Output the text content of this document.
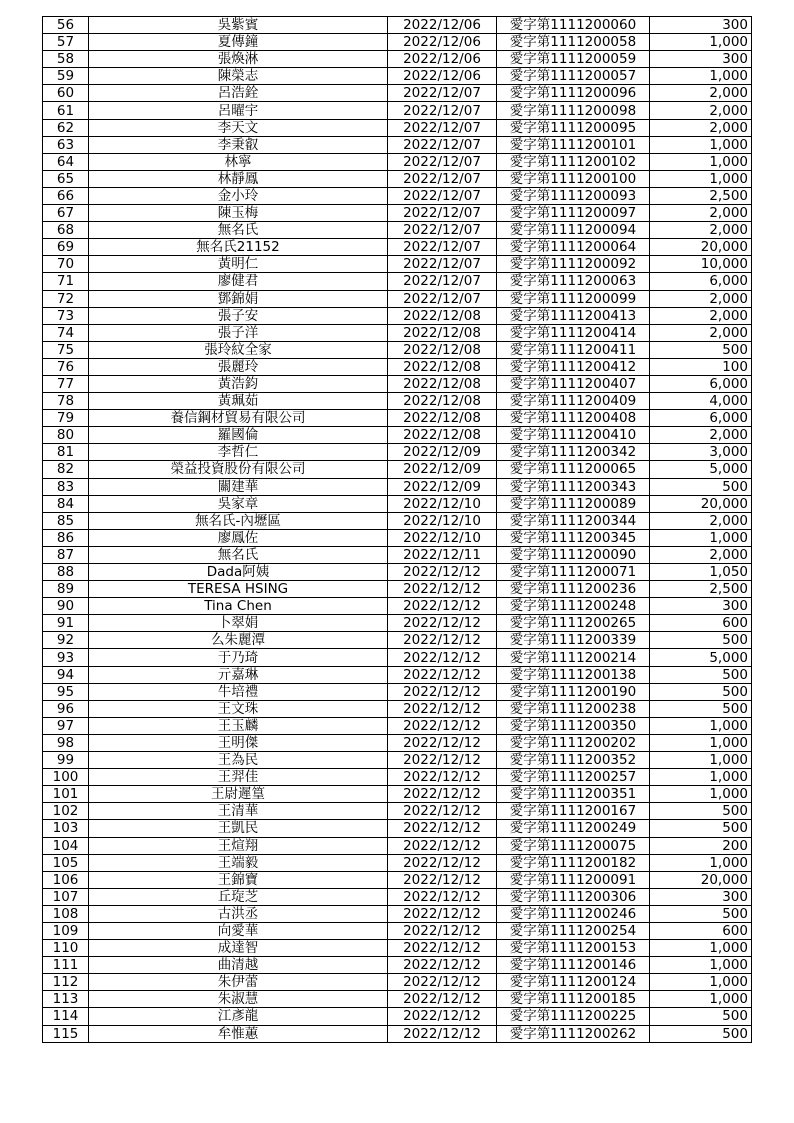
56	吳紫賓	2022/12/06	愛字第1111200060	300
57	夏傳鐘	2022/12/06	愛字第1111200058	1,000
58	張煥淋	2022/12/06	愛字第1111200059	300
59	陳榮志	2022/12/06	愛字第1111200057	1,000
60	呂浩銓	2022/12/07	愛字第1111200096	2,000
61	呂曜宇	2022/12/07	愛字第1111200098	2,000
62	李天文	2022/12/07	愛字第1111200095	2,000
63	李秉叡	2022/12/07	愛字第1111200101	1,000
64	林寧	2022/12/07	愛字第1111200102	1,000
65	林靜鳳	2022/12/07	愛字第1111200100	1,000
66	金小玲	2022/12/07	愛字第1111200093	2,500
67	陳玉梅	2022/12/07	愛字第1111200097	2,000
68	無名氏	2022/12/07	愛字第1111200094	2,000
69	無名氏21152	2022/12/07	愛字第1111200064	20,000
70	黃明仁	2022/12/07	愛字第1111200092	10,000
71	廖健君	2022/12/07	愛字第1111200063	6,000
72	鄧錦娟	2022/12/07	愛字第1111200099	2,000
73	張子安	2022/12/08	愛字第1111200413	2,000
74	張子洋	2022/12/08	愛字第1111200414	2,000
75	張玲紋全家	2022/12/08	愛字第1111200411	500
76	張麗玲	2022/12/08	愛字第1111200412	100
77	黃浩鈞	2022/12/08	愛字第1111200407	6,000
78	黃珮茹	2022/12/08	愛字第1111200409	4,000
79	養信鋼材貿易有限公司	2022/12/08	愛字第1111200408	6,000
80	羅國倫	2022/12/08	愛字第1111200410	2,000
81	李哲仁	2022/12/09	愛字第1111200342	3,000
82	榮益投資股份有限公司	2022/12/09	愛字第1111200065	5,000
83	關建華	2022/12/09	愛字第1111200343	500
84	吳家章	2022/12/10	愛字第1111200089	20,000
85	無名氏-內壢區	2022/12/10	愛字第1111200344	2,000
86	廖鳳佐	2022/12/10	愛字第1111200345	1,000
87	無名氏	2022/12/11	愛字第1111200090	2,000
88	Dada阿姨	2022/12/12	愛字第1111200071	1,050
89	TERESA HSING	2022/12/12	愛字第1111200236	2,500
90	Tina Chen	2022/12/12	愛字第1111200248	300
91	卜翠娟	2022/12/12	愛字第1111200265	600
92	么朱麗潭	2022/12/12	愛字第1111200339	500
93	于乃琦	2022/12/12	愛字第1111200214	5,000
94	亓嘉琳	2022/12/12	愛字第1111200138	500
95	牛培禮	2022/12/12	愛字第1111200190	500
96	王文珠	2022/12/12	愛字第1111200238	500
97	王玉麟	2022/12/12	愛字第1111200350	1,000
98	王明傑	2022/12/12	愛字第1111200202	1,000
99	王為民	2022/12/12	愛字第1111200352	1,000
100	王羿佳	2022/12/12	愛字第1111200257	1,000
101	王尉遲篁	2022/12/12	愛字第1111200351	1,000
102	王清華	2022/12/12	愛字第1111200167	500
103	王凱民	2022/12/12	愛字第1111200249	500
104	王煊翔	2022/12/12	愛字第1111200075	200
105	王端毅	2022/12/12	愛字第1111200182	1,000
106	王錦寶	2022/12/12	愛字第1111200091	20,000
107	丘琁芝	2022/12/12	愛字第1111200306	300
108	古洪丞	2022/12/12	愛字第1111200246	500
109	向愛華	2022/12/12	愛字第1111200254	600
110	成達智	2022/12/12	愛字第1111200153	1,000
111	曲清越	2022/12/12	愛字第1111200146	1,000
112	朱伊蕾	2022/12/12	愛字第1111200124	1,000
113	朱淑慧	2022/12/12	愛字第1111200185	1,000
114	江彥龍	2022/12/12	愛字第1111200225	500
115	牟惟蕙	2022/12/12	愛字第1111200262	500
